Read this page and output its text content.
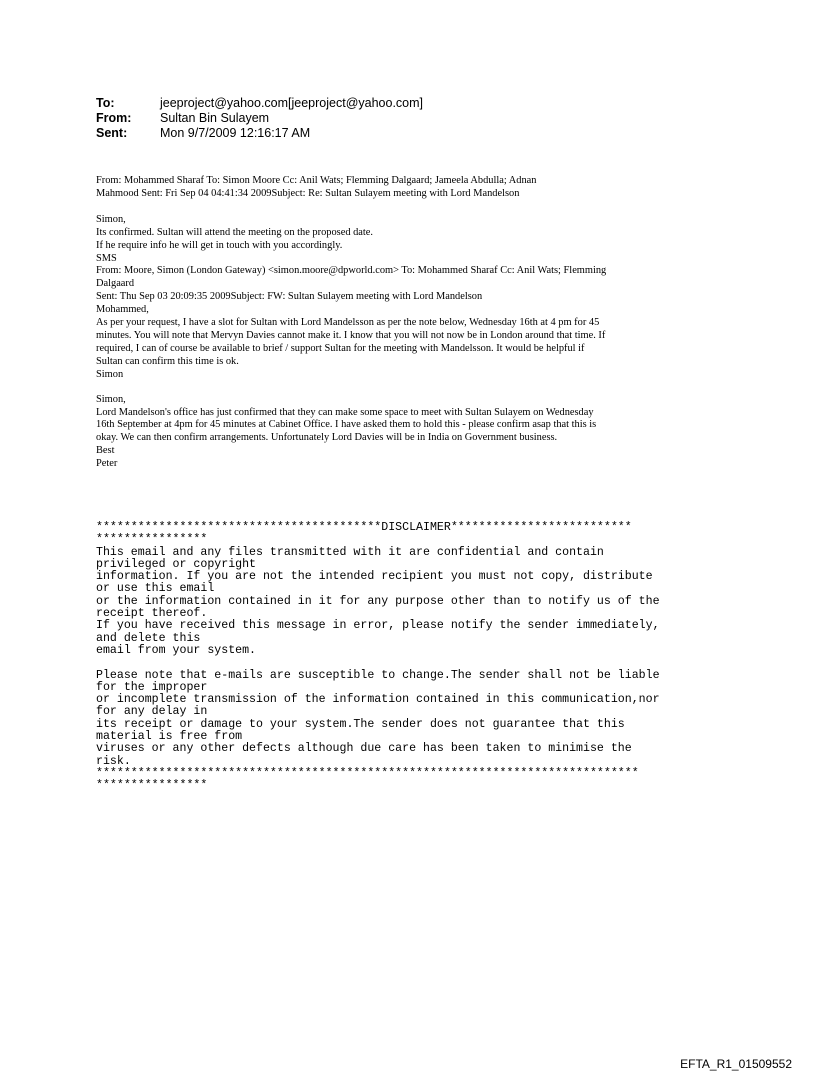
To:	jeeproject@yahoo.com[jeeproject@yahoo.com]
From:	Sultan Bin Sulayem
Sent:	Mon 9/7/2009 12:16:17 AM

From: Mohammed Sharaf To: Simon Moore Cc: Anil Wats; Flemming Dalgaard; Jameela Abdulla; Adnan

Mahmood Sent: Fri Sep 04 04:41:34 2009Subject: Re: Sultan Sulayem meeting with Lord Mandelson

Simon,

Its confirmed. Sultan will attend the meeting on the proposed date.

If he require info he will get in touch with you accordingly.

SMS

From: Moore, Simon (London Gateway) <simon.moore@dpworld.com> To: Mohammed Sharaf Cc: Anil Wats; Flemming

Dalgaard

Sent: Thu Sep 03 20:09:35 2009Subject: FW: Sultan Sulayem meeting with Lord Mandelson

Mohammed,

As per your request, I have a slot for Sultan with Lord Mandelsson as per the note below, Wednesday 16th at 4 pm for 45

minutes. You will note that Mervyn Davies cannot make it. I know that you will not now be in London around that time. If

required, I can of course be available to brief / support Sultan for the meeting with Mandelsson. It would be helpful if

Sultan can confirm this time is ok.

Simon

Simon,

Lord Mandelson's office has just confirmed that they can make some space to meet with Sultan Sulayem on Wednesday

16th September at 4pm for 45 minutes at Cabinet Office. I have asked them to hold this - please confirm asap that this is

okay. We can then confirm arrangements. Unfortunately Lord Davies will be in India on Government business.

Best

Peter

*****************************************DISCLAIMER**************************
****************
This email and any files transmitted with it are confidential and contain
privileged or copyright
information. If you are not the intended recipient you must not copy, distribute
or use this email
or the information contained in it for any purpose other than to notify us of the
receipt thereof.
If you have received this message in error, please notify the sender immediately,
and delete this
email from your system.

Please note that e-mails are susceptible to change.The sender shall not be liable
for the improper
or incomplete transmission of the information contained in this communication,nor
for any delay in
its receipt or damage to your system.The sender does not guarantee that this
material is free from
viruses or any other defects although due care has been taken to minimise the
risk.
******************************************************************************
****************
EFTA_R1_01509552
